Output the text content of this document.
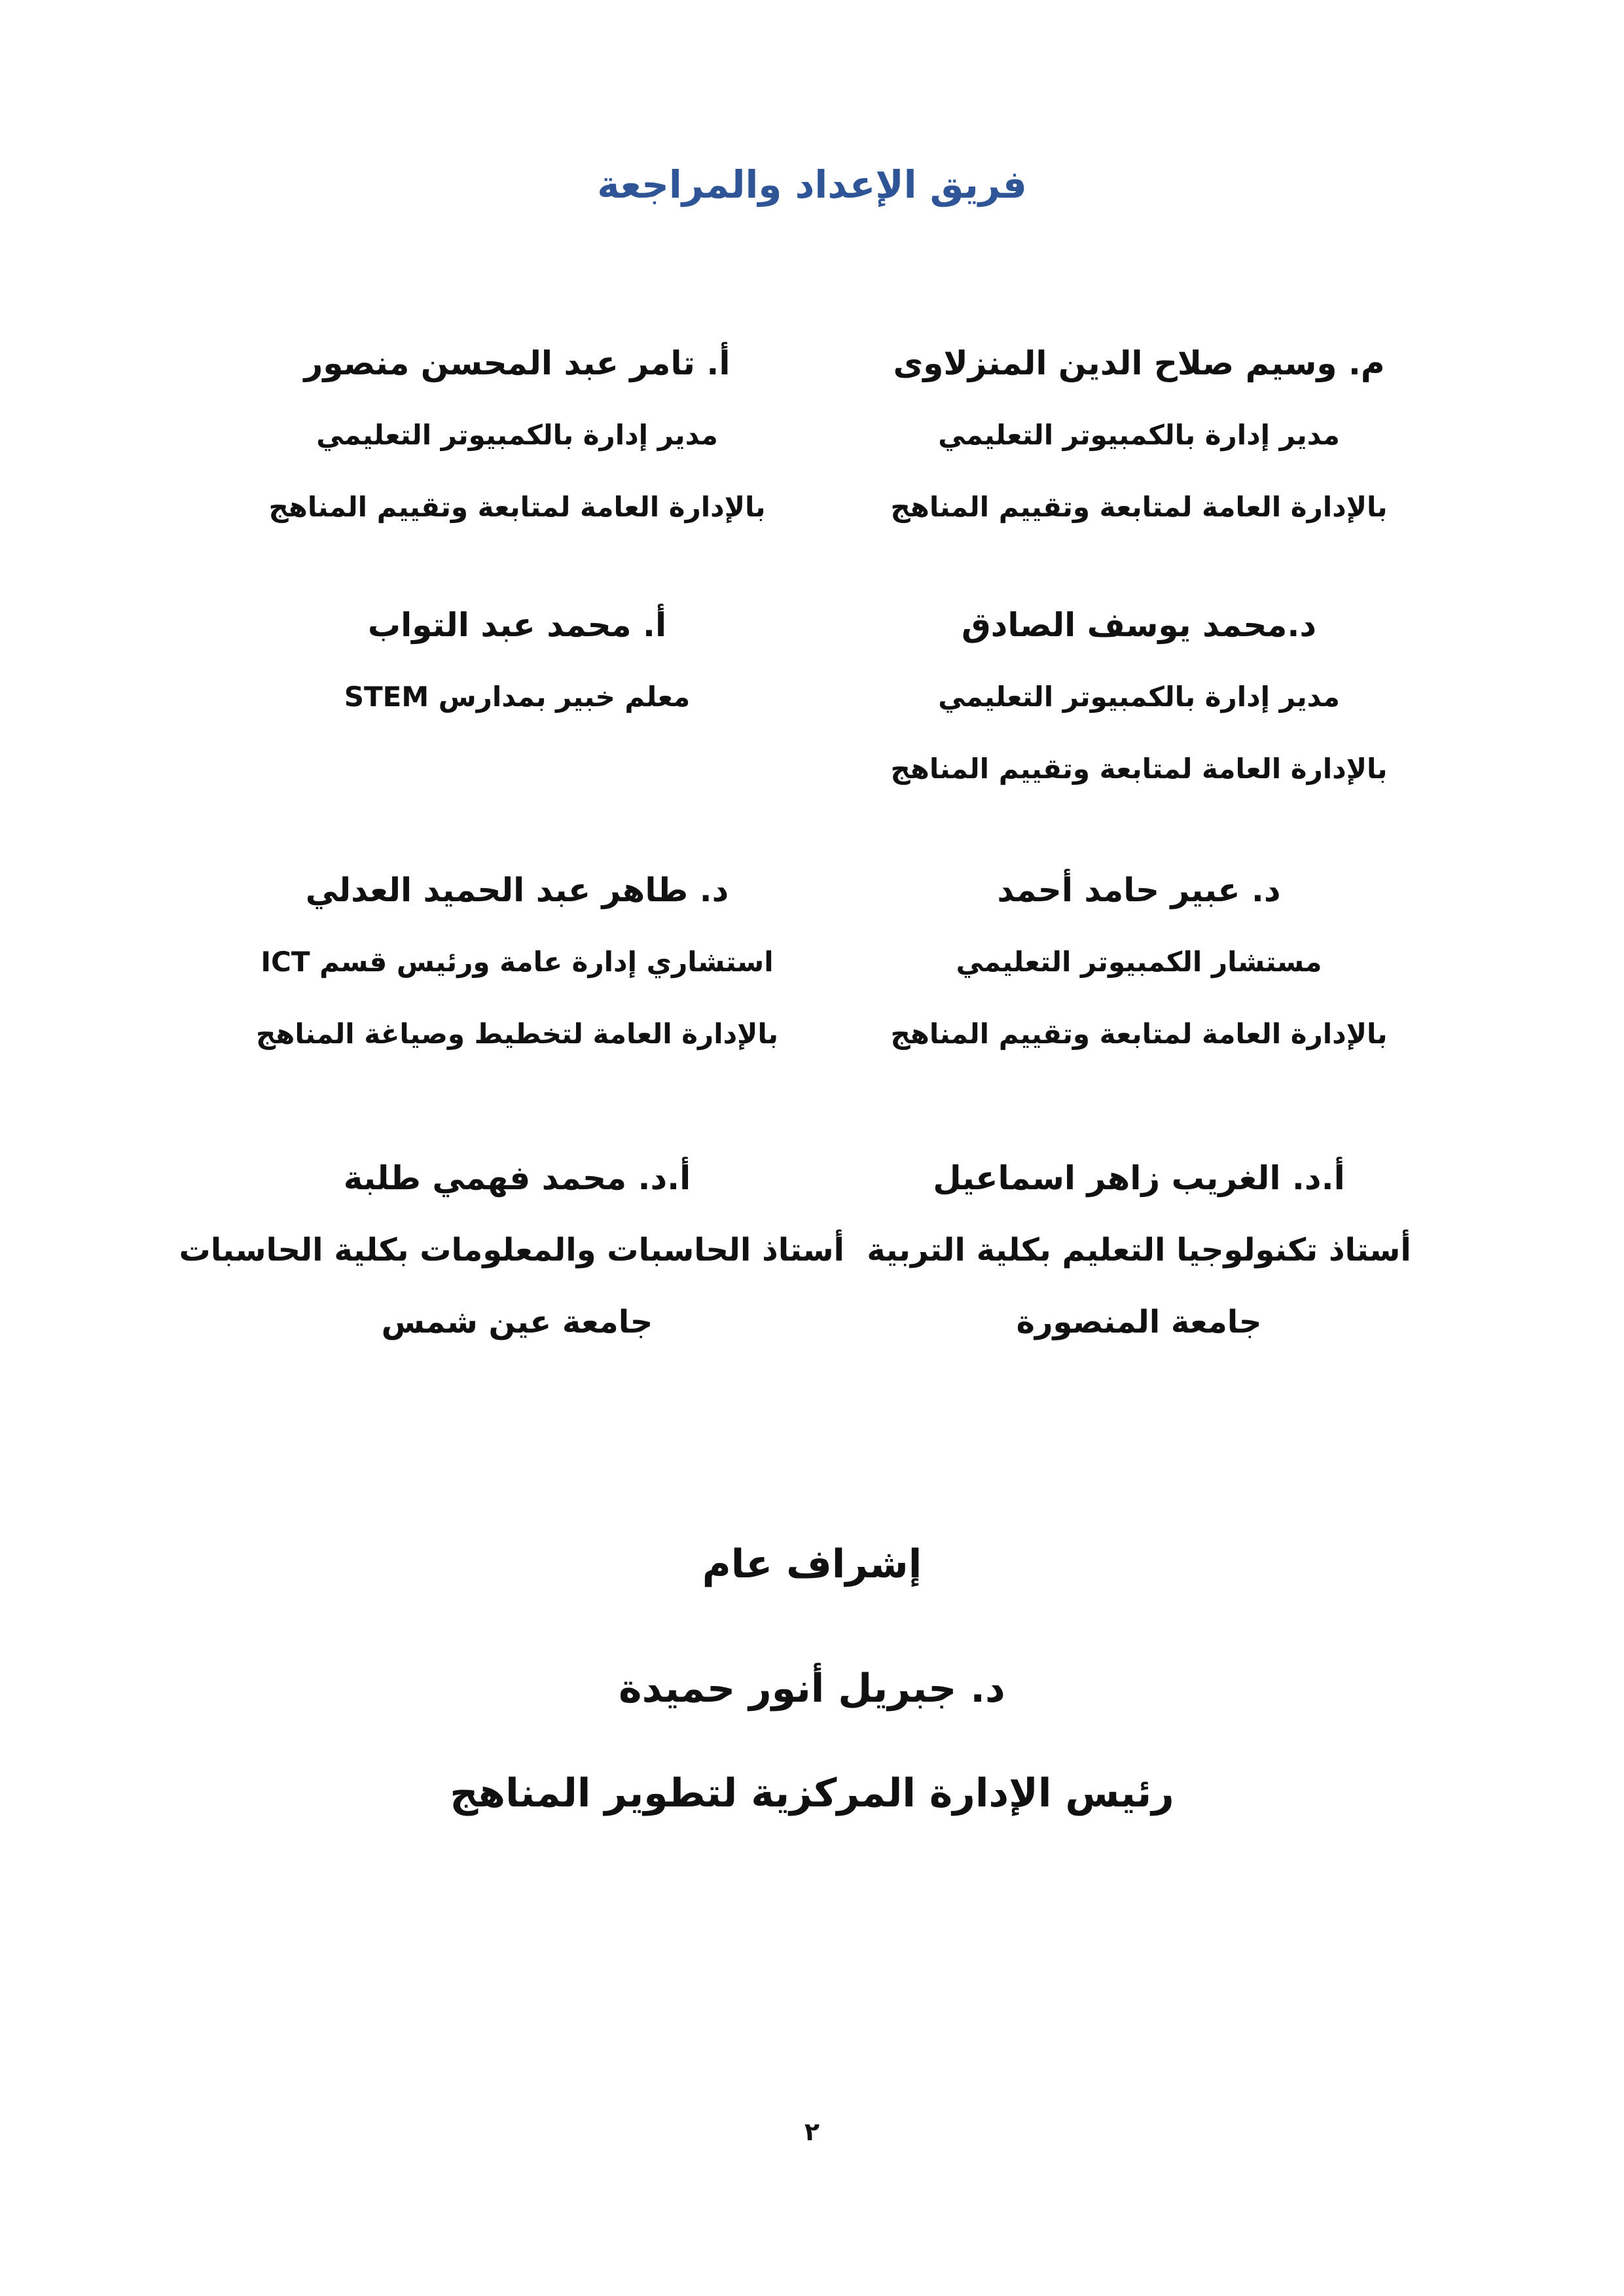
فريق الإعداد والمراجعة
م. وسيم صلاح الدين المنزلاوى
مدير إدارة بالكمبيوتر التعليمي
بالإدارة العامة لمتابعة وتقييم المناهج
أ. تامر عبد المحسن منصور
مدير إدارة بالكمبيوتر التعليمي
بالإدارة العامة لمتابعة وتقييم المناهج
د.محمد يوسف الصادق
مدير إدارة بالكمبيوتر التعليمي
بالإدارة العامة لمتابعة وتقييم المناهج
أ. محمد عبد التواب
معلم خبير بمدارس STEM
د. عبير حامد أحمد
مستشار الكمبيوتر التعليمي
بالإدارة العامة لمتابعة وتقييم المناهج
د. طاهر عبد الحميد العدلي
استشاري إدارة عامة ورئيس قسم ICT
بالإدارة العامة لتخطيط وصياغة المناهج
أ.د. الغريب زاهر اسماعيل
أستاذ تكنولوجيا التعليم بكلية التربية
جامعة المنصورة
أ.د. محمد فهمي طلبة
أستاذ الحاسبات والمعلومات بكلية الحاسبات
جامعة عين شمس
إشراف عام
د. جبريل أنور حميدة
رئيس الإدارة المركزية لتطوير المناهج
٢
